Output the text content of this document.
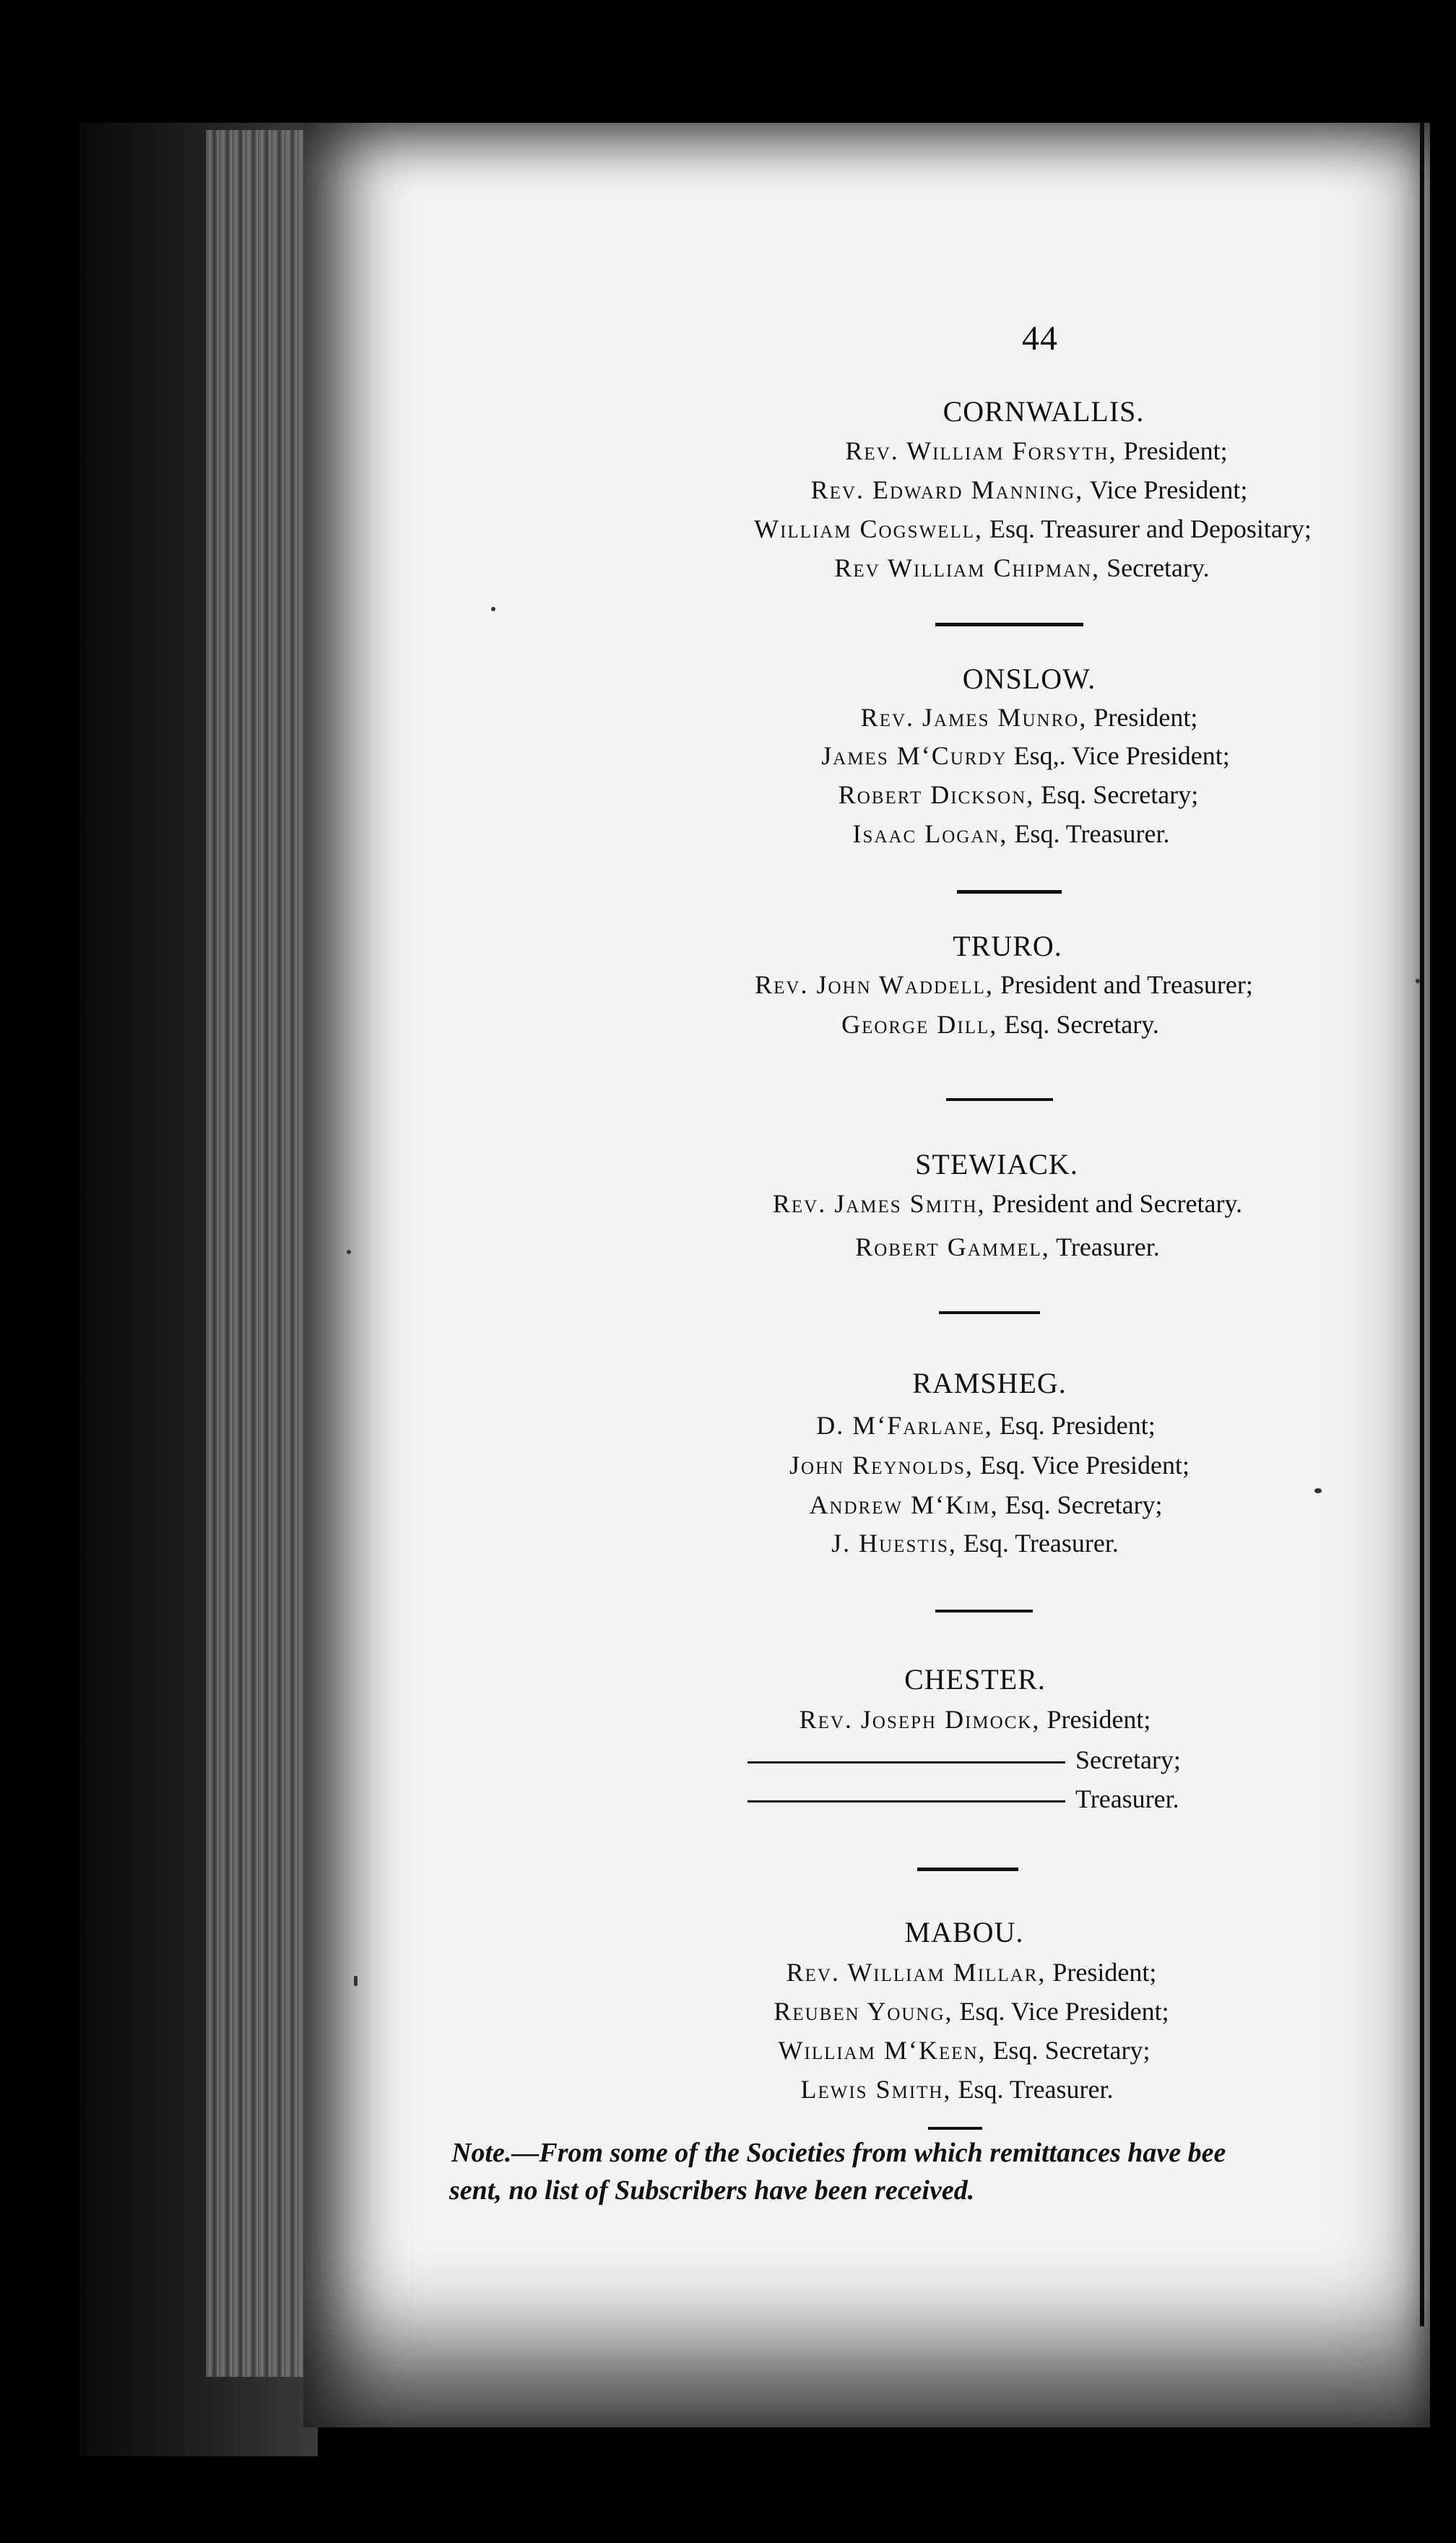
44
CORNWALLIS.
Rev. William Forsyth, President;
Rev. Edward Manning, Vice President;
William Cogswell, Esq. Treasurer and Depositary;
Rev William Chipman, Secretary.
ONSLOW.
Rev. James Munro, President;
James M‘Curdy Esq,. Vice President;
Robert Dickson, Esq. Secretary;
Isaac Logan, Esq. Treasurer.
TRURO.
Rev. John Waddell, President and Treasurer;
George Dill, Esq. Secretary.
STEWIACK.
Rev. James Smith, President and Secretary.
Robert Gammel, Treasurer.
RAMSHEG.
D. M‘Farlane, Esq. President;
John Reynolds, Esq. Vice President;
Andrew M‘Kim, Esq. Secretary;
J. Huestis, Esq. Treasurer.
CHESTER.
Rev. Joseph Dimock, President;
Secretary;
Treasurer.
MABOU.
Rev. William Millar, President;
Reuben Young, Esq. Vice President;
William M‘Keen, Esq. Secretary;
Lewis Smith, Esq. Treasurer.
Note.—From some of the Societies from which remittances have bee
sent, no list of Subscribers have been received.
